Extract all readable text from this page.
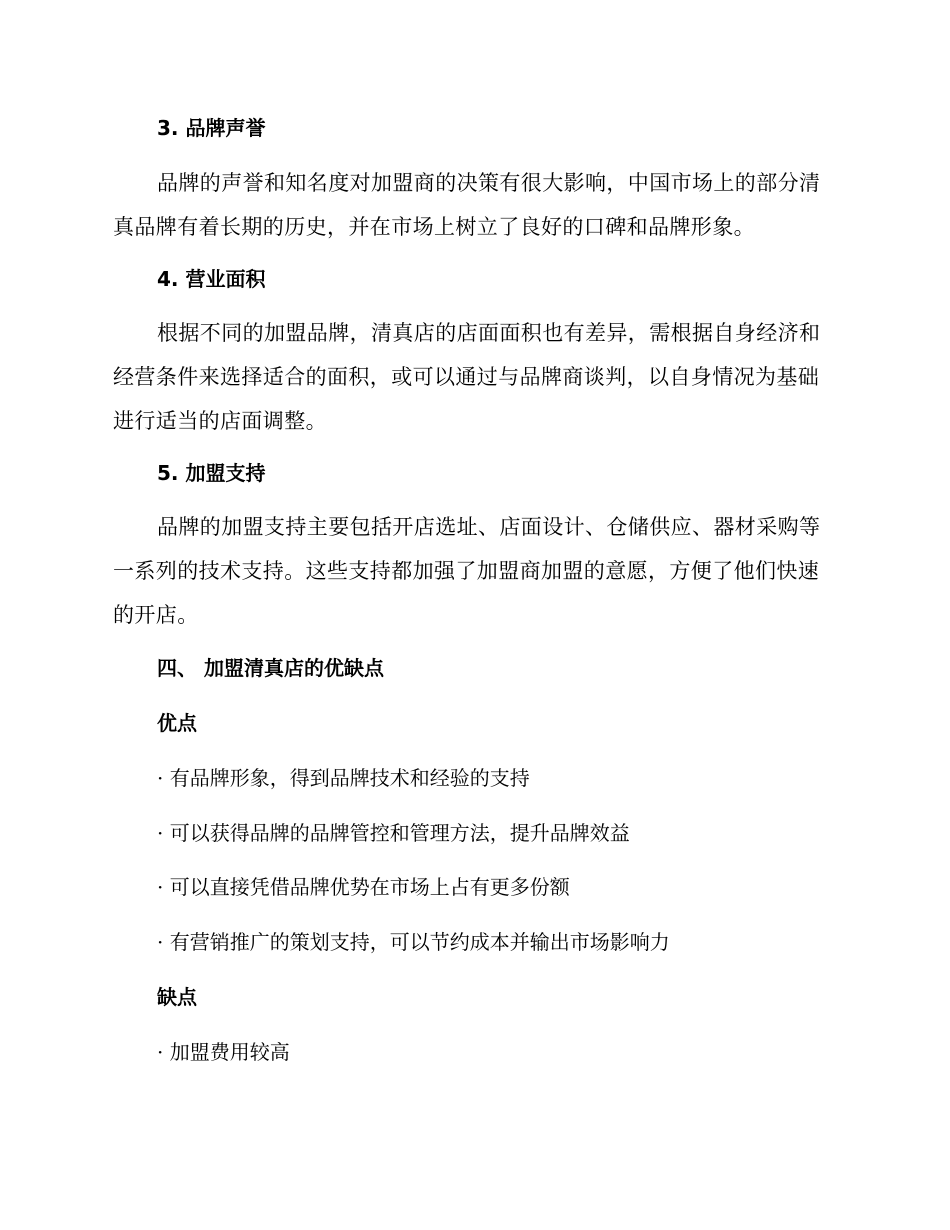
3. 品牌声誉
品牌的声誉和知名度对加盟商的决策有很大影响，中国市场上的部分清真品牌有着长期的历史，并在市场上树立了良好的口碑和品牌形象。
4. 营业面积
根据不同的加盟品牌，清真店的店面面积也有差异，需根据自身经济和经营条件来选择适合的面积，或可以通过与品牌商谈判，以自身情况为基础进行适当的店面调整。
5. 加盟支持
品牌的加盟支持主要包括开店选址、店面设计、仓储供应、器材采购等一系列的技术支持。这些支持都加强了加盟商加盟的意愿，方便了他们快速的开店。
四、 加盟清真店的优缺点
优点
· 有品牌形象，得到品牌技术和经验的支持
· 可以获得品牌的品牌管控和管理方法，提升品牌效益
· 可以直接凭借品牌优势在市场上占有更多份额
· 有营销推广的策划支持，可以节约成本并输出市场影响力
缺点
· 加盟费用较高
